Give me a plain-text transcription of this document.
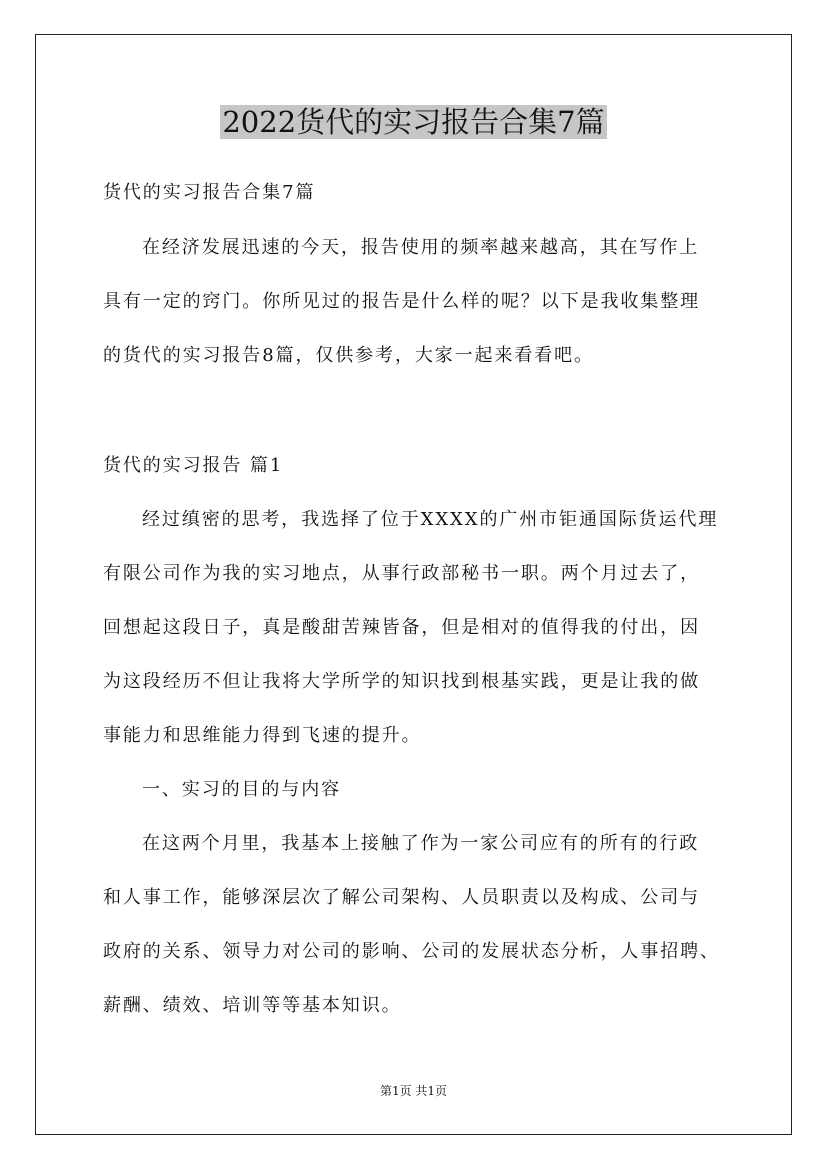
2022货代的实习报告合集7篇
货代的实习报告合集7篇
在经济发展迅速的今天，报告使用的频率越来越高，其在写作上
具有一定的窍门。你所见过的报告是什么样的呢？以下是我收集整理
的货代的实习报告8篇，仅供参考，大家一起来看看吧。
货代的实习报告 篇1
经过缜密的思考，我选择了位于XXXX的广州市钜通国际货运代理
有限公司作为我的实习地点，从事行政部秘书一职。两个月过去了，
回想起这段日子，真是酸甜苦辣皆备，但是相对的值得我的付出，因
为这段经历不但让我将大学所学的知识找到根基实践，更是让我的做
事能力和思维能力得到飞速的提升。
一、实习的目的与内容
在这两个月里，我基本上接触了作为一家公司应有的所有的行政
和人事工作，能够深层次了解公司架构、人员职责以及构成、公司与
政府的关系、领导力对公司的影响、公司的发展状态分析，人事招聘、
薪酬、绩效、培训等等基本知识。
第1页 共1页
